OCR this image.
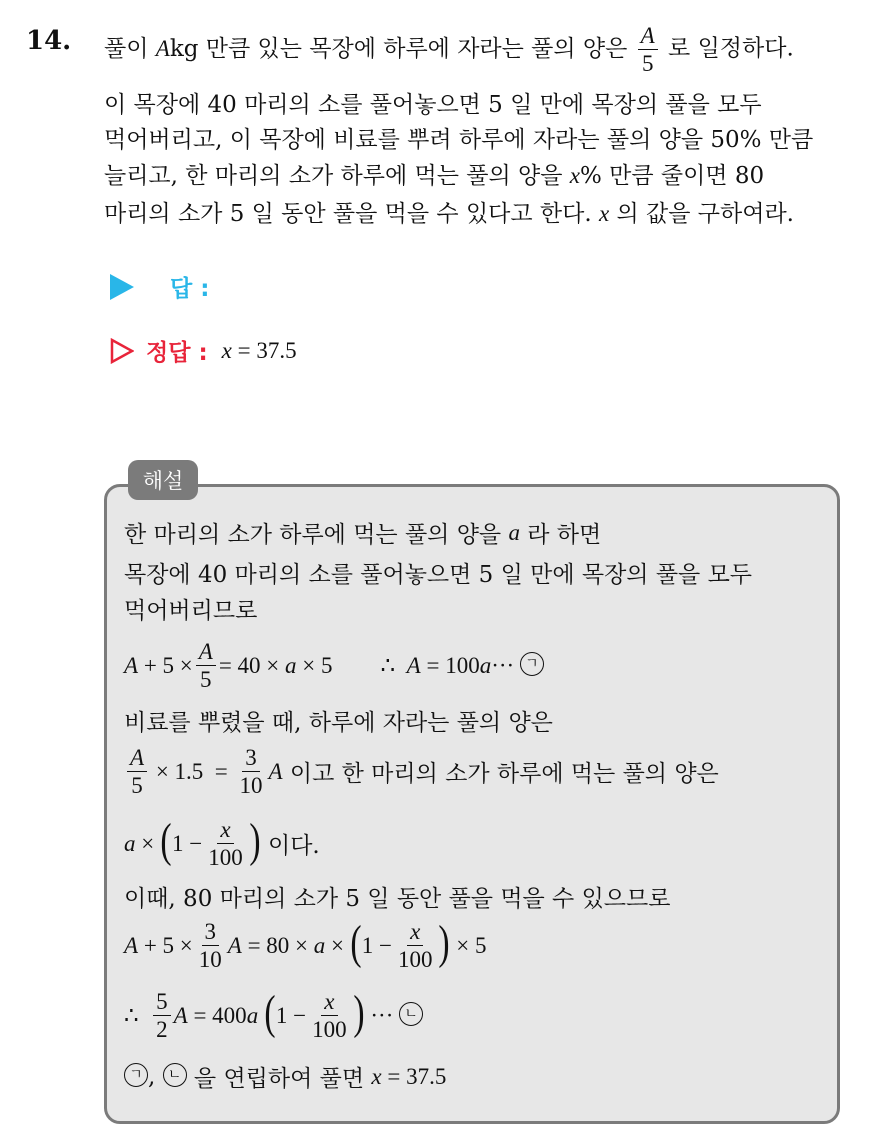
14. 풀이 Akg 만큼 있는 목장에 하루에 자라는 풀의 양은 $\frac{A}{5}$ 로 일정하다.
이 목장에 40 마리의 소를 풀어놓으면 5 일 만에 목장의 풀을 모두
먹어버리고, 이 목장에 비료를 뿌려 하루에 자라는 풀의 양을 50% 만큼
늘리고, 한 마리의 소가 하루에 먹는 풀의 양을 x% 만큼 줄이면 80
마리의 소가 5 일 동안 풀을 먹을 수 있다고 한다. x 의 값을 구하여라.
답 :
정답 : x = 37.5
해설
한 마리의 소가 하루에 먹는 풀의 양을 a 라 하면
목장에 40 마리의 소를 풀어놓으면 5 일 만에 목장의 풀을 모두
먹어버리므로
$A + 5 \times \frac{A}{5} = 40 \times a \times 5$ ∴  A = 100a···
ㄱ
비료를 뿌렸을 때, 하루에 자라는 풀의 양은
$\frac{A}{5} \times 1.5 = \frac{3}{10}$ A 이고 한 마리의 소가 하루에 먹는 풀의 양은
a × ( $1 - \frac{x}{100}$ ) 이다.
이때, 80 마리의 소가 5 일 동안 풀을 먹을 수 있으므로
$A + 5 \times \frac{3}{10}$ A = 80 × a × ( $1 - \frac{x}{100}$ ) × 5
∴ $\frac{5}{2}$ A = 400 a
( $1 - \frac{x}{100}$ ) ··· ㄴ
ㄱ , ㄴ 을 연립하여 풀면 x = 37.5
